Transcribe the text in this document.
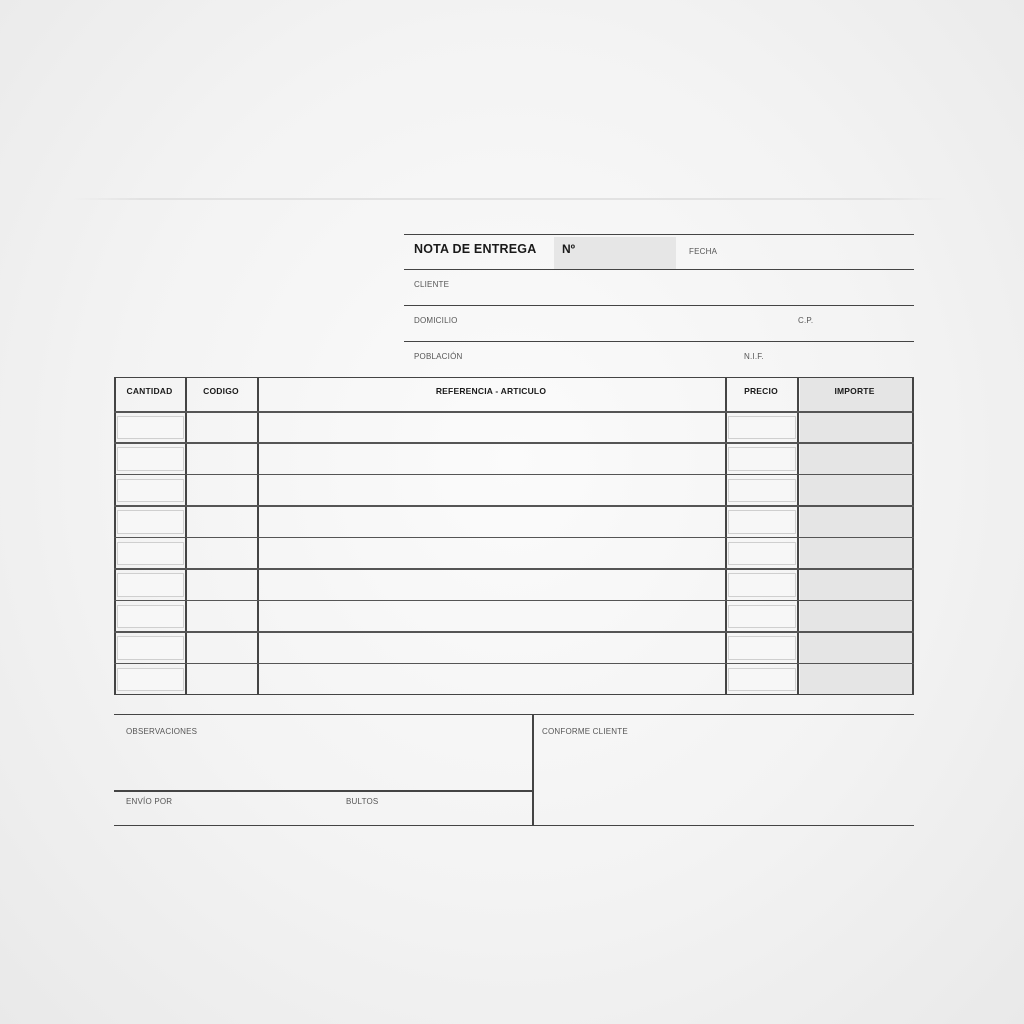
NOTA DE ENTREGA Nº	FECHA
CLIENTE
DOMICILIO	C.P.
POBLACIÓN	N.I.F.
CANTIDAD	CODIGO	REFERENCIA - ARTICULO	PRECIO	IMPORTE
OBSERVACIONES	CONFORME CLIENTE
ENVÍO POR	BULTOS
